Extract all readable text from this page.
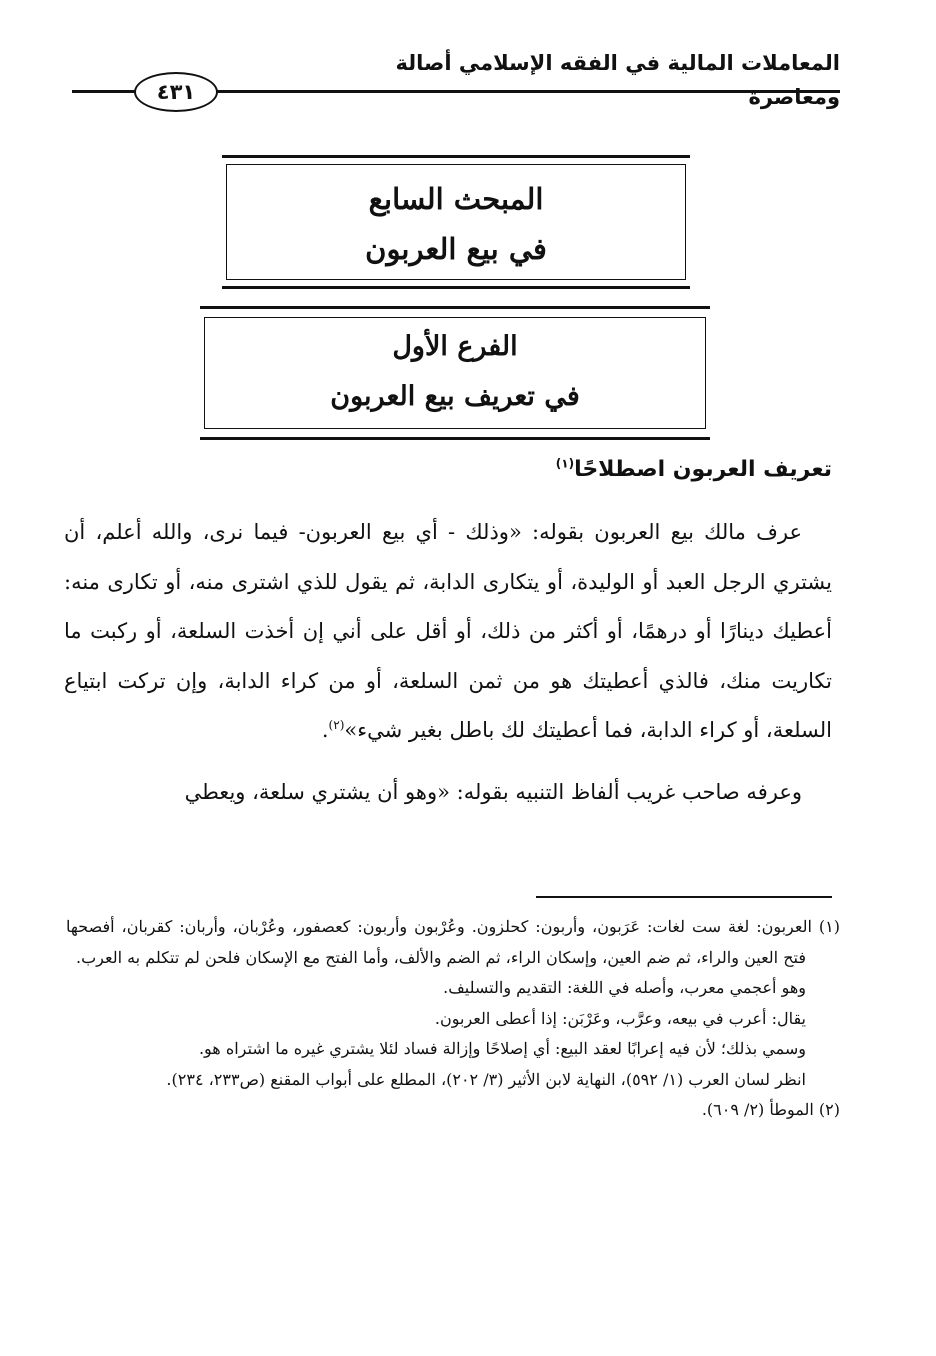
المعاملات المالية في الفقه الإسلامي أصالة ومعاصرة
٤٣١
المبحث السابع
في بيع العربون
الفرع الأول
في تعريف بيع العربون
تعريف العربون اصطلاحًا$^{(١)}$

عرف مالك بيع العربون بقوله: «وذلك - أي بيع العربون- فيما نرى، والله أعلم، أن يشتري الرجل العبد أو الوليدة، أو يتكارى الدابة، ثم يقول للذي اشترى منه، أو تكارى منه: أعطيك دينارًا أو درهمًا، أو أكثر من ذلك، أو أقل على أني إن أخذت السلعة، أو ركبت ما تكاريت منك، فالذي أعطيتك هو من ثمن السلعة، أو من كراء الدابة، وإن تركت ابتياع السلعة، أو كراء الدابة، فما أعطيتك لك باطل بغير شيء»$^{(٢)}$.

وعرفه صاحب غريب ألفاظ التنبيه بقوله: «وهو أن يشتري سلعة، ويعطي

(١) العربون: لغة ست لغات: عَرَبون، وأربون: كحلزون. وعُرْبون وأربون: كعصفور، وعُرْبان، وأربان: كقربان، أفصحها فتح العين والراء، ثم ضم العين، وإسكان الراء، ثم الضم والألف، وأما الفتح مع الإسكان فلحن لم تتكلم به العرب.

وهو أعجمي معرب، وأصله في اللغة: التقديم والتسليف.

يقال: أعرب في بيعه، وعرَّب، وعَرْبَن: إذا أعطى العربون.

وسمي بذلك؛ لأن فيه إعرابًا لعقد البيع: أي إصلاحًا وإزالة فساد لئلا يشتري غيره ما اشتراه هو.

انظر لسان العرب (١/ ٥٩٢)، النهاية لابن الأثير (٣/ ٢٠٢)، المطلع على أبواب المقنع (ص٢٣٣، ٢٣٤).

(٢) الموطأ (٢/ ٦٠٩).
